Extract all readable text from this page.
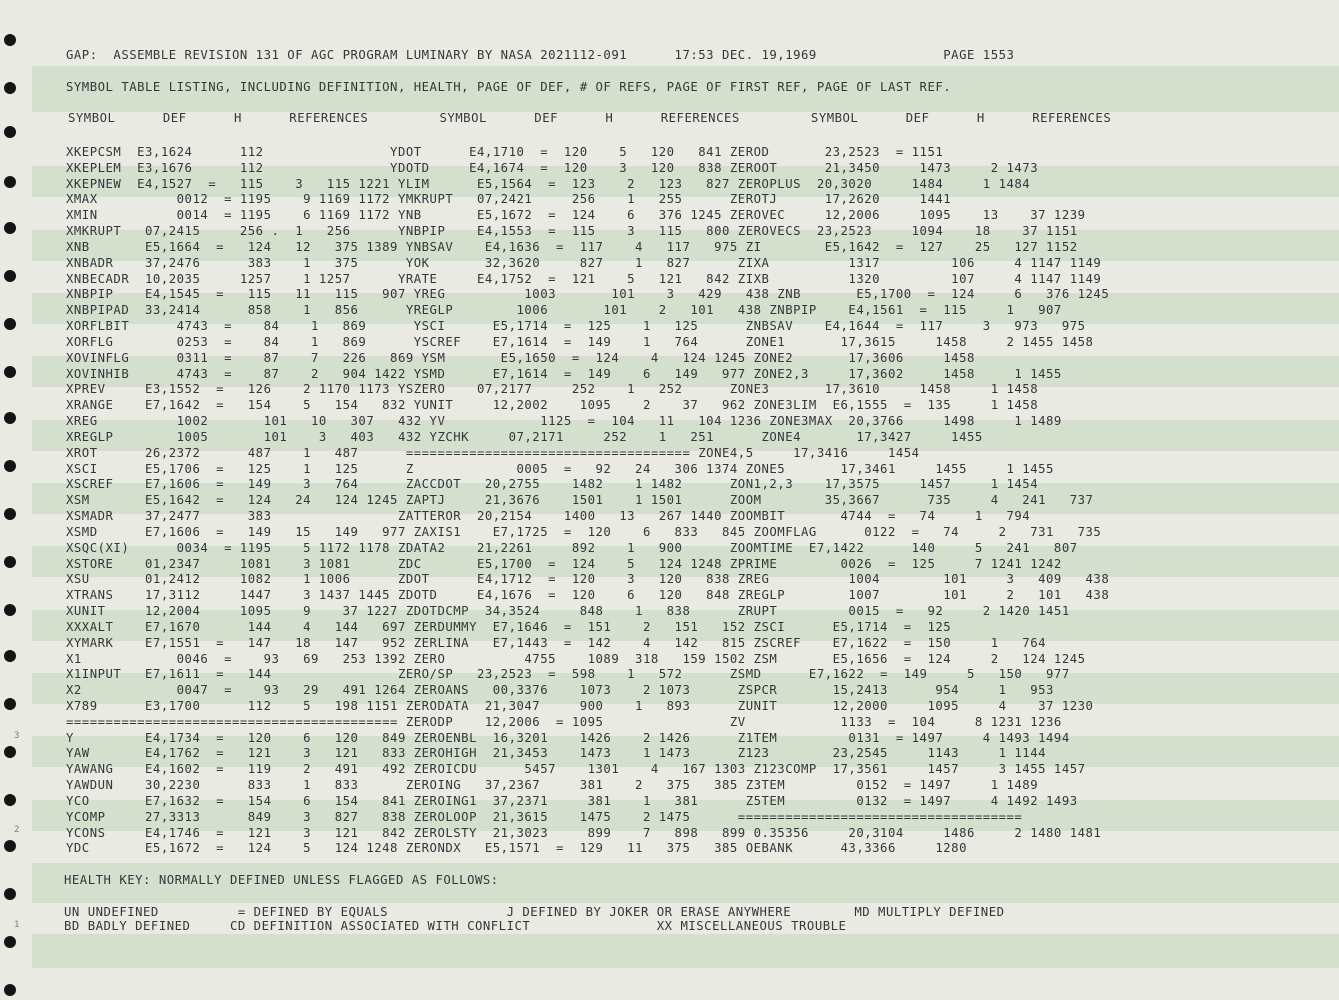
3
2
1
GAP:  ASSEMBLE REVISION 131 OF AGC PROGRAM LUMINARY BY NASA 2021112-091      17:53 DEC. 19,1969                PAGE 1553
SYMBOL TABLE LISTING, INCLUDING DEFINITION, HEALTH, PAGE OF DEF, # OF REFS, PAGE OF FIRST REF, PAGE OF LAST REF.
SYMBOL      DEF      H      REFERENCES         SYMBOL      DEF      H      REFERENCES         SYMBOL      DEF      H      REFERENCES
XKEPCSM  E3,1624      112                YDOT      E4,1710  =  120    5   120   841 ZEROD       23,2523  = 1151
XKEPLEM  E3,1676      112                YDOTD     E4,1674  =  120    3   120   838 ZEROOT      21,3450     1473     2 1473
XKEPNEW  E4,1527  =   115    3   115 1221 YLIM      E5,1564  =  123    2   123   827 ZEROPLUS  20,3020     1484     1 1484
XMAX          0012  = 1195    9 1169 1172 YMKRUPT   07,2421     256    1   255      ZEROTJ      17,2620     1441
XMIN          0014  = 1195    6 1169 1172 YNB       E5,1672  =  124    6   376 1245 ZEROVEC     12,2006     1095    13    37 1239
XMKRUPT   07,2415     256 .  1   256      YNBPIP    E4,1553  =  115    3   115   800 ZEROVECS  23,2523     1094    18    37 1151
XNB       E5,1664  =   124   12   375 1389 YNBSAV    E4,1636  =  117    4   117   975 ZI        E5,1642  =  127    25   127 1152
XNBADR    37,2476      383    1   375      YOK       32,3620     827    1   827      ZIXA          1317         106     4 1147 1149
XNBECADR  10,2035     1257    1 1257      YRATE     E4,1752  =  121    5   121   842 ZIXB          1320         107     4 1147 1149
XNBPIP    E4,1545  =   115   11   115   907 YREG          1003       101    3   429   438 ZNB       E5,1700  =  124     6   376 1245
XNBPIPAD  33,2414      858    1   856      YREGLP        1006       101    2   101   438 ZNBPIP    E4,1561  =  115     1   907
XORFLBIT      4743  =    84    1   869      YSCI      E5,1714  =  125    1   125      ZNBSAV    E4,1644  =  117     3   973   975
XORFLG        0253  =    84    1   869      YSCREF    E7,1614  =  149    1   764      ZONE1       17,3615     1458     2 1455 1458
XOVINFLG      0311  =    87    7   226   869 YSM       E5,1650  =  124    4   124 1245 ZONE2       17,3606     1458
XOVINHIB      4743  =    87    2   904 1422 YSMD      E7,1614  =  149    6   149   977 ZONE2,3     17,3602     1458     1 1455
XPREV     E3,1552  =   126    2 1170 1173 YSZERO    07,2177     252    1   252      ZONE3       17,3610     1458     1 1458
XRANGE    E7,1642  =   154    5   154   832 YUNIT     12,2002    1095    2    37   962 ZONE3LIM  E6,1555  =  135     1 1458
XREG          1002       101   10   307   432 YV            1125  =  104   11   104 1236 ZONE3MAX  20,3766     1498     1 1489
XREGLP        1005       101    3   403   432 YZCHK     07,2171     252    1   251      ZONE4       17,3427     1455
XROT      26,2372      487    1   487      ==================================== ZONE4,5     17,3416     1454
XSCI      E5,1706  =   125    1   125      Z             0005  =   92   24   306 1374 ZONE5       17,3461     1455     1 1455
XSCREF    E7,1606  =   149    3   764      ZACCDOT   20,2755    1482    1 1482      ZON1,2,3    17,3575     1457     1 1454
XSM       E5,1642  =   124   24   124 1245 ZAPTJ     21,3676    1501    1 1501      ZOOM        35,3667      735     4   241   737
XSMADR    37,2477      383                ZATTEROR  20,2154    1400   13   267 1440 ZOOMBIT       4744  =   74     1   794
XSMD      E7,1606  =   149   15   149   977 ZAXIS1    E7,1725  =  120    6   833   845 ZOOMFLAG      0122  =   74     2   731   735
XSQC(XI)      0034  = 1195    5 1172 1178 ZDATA2    21,2261     892    1   900      ZOOMTIME  E7,1422      140     5   241   807
XSTORE    01,2347     1081    3 1081      ZDC       E5,1700  =  124    5   124 1248 ZPRIME        0026  =  125     7 1241 1242
XSU       01,2412     1082    1 1006      ZDOT      E4,1712  =  120    3   120   838 ZREG          1004        101     3   409   438
XTRANS    17,3112     1447    3 1437 1445 ZDOTD     E4,1676  =  120    6   120   848 ZREGLP        1007        101     2   101   438
XUNIT     12,2004     1095    9    37 1227 ZDOTDCMP  34,3524     848    1   838      ZRUPT         0015  =   92     2 1420 1451
XXXALT    E7,1670      144    4   144   697 ZERDUMMY  E7,1646  =  151    2   151   152 ZSCI      E5,1714  =  125
XYMARK    E7,1551  =   147   18   147   952 ZERLINA   E7,1443  =  142    4   142   815 ZSCREF    E7,1622  =  150     1   764
X1            0046  =    93   69   253 1392 ZERO          4755    1089  318   159 1502 ZSM       E5,1656  =  124     2   124 1245
X1INPUT   E7,1611  =   144                ZERO/SP   23,2523  =  598    1   572      ZSMD      E7,1622  =  149     5   150   977
X2            0047  =    93   29   491 1264 ZEROANS   00,3376    1073    2 1073      ZSPCR       15,2413      954     1   953
X789      E3,1700      112    5   198 1151 ZERODATA  21,3047     900    1   893      ZUNIT       12,2000     1095     4    37 1230
========================================== ZERODP    12,2006  = 1095                ZV            1133  =  104     8 1231 1236
Y         E4,1734  =   120    6   120   849 ZEROENBL  16,3201    1426    2 1426      Z1TEM         0131  = 1497     4 1493 1494
YAW       E4,1762  =   121    3   121   833 ZEROHIGH  21,3453    1473    1 1473      Z123        23,2545     1143     1 1144
YAWANG    E4,1602  =   119    2   491   492 ZEROICDU      5457    1301    4   167 1303 Z123COMP  17,3561     1457     3 1455 1457
YAWDUN    30,2230      833    1   833      ZEROING   37,2367     381    2   375   385 Z3TEM         0152  = 1497     1 1489
YCO       E7,1632  =   154    6   154   841 ZEROING1  37,2371     381    1   381      Z5TEM         0132  = 1497     4 1492 1493
YCOMP     27,3313      849    3   827   838 ZEROLOOP  21,3615    1475    2 1475      ====================================
YCONS     E4,1746  =   121    3   121   842 ZEROLSTY  21,3023     899    7   898   899 0.35356     20,3104     1486     2 1480 1481
YDC       E5,1672  =   124    5   124 1248 ZERONDX   E5,1571  =  129   11   375   385 OEBANK      43,3366     1280
HEALTH KEY: NORMALLY DEFINED UNLESS FLAGGED AS FOLLOWS:
UN UNDEFINED          = DEFINED BY EQUALS               J DEFINED BY JOKER OR ERASE ANYWHERE        MD MULTIPLY DEFINED
BD BADLY DEFINED     CD DEFINITION ASSOCIATED WITH CONFLICT                XX MISCELLANEOUS TROUBLE
